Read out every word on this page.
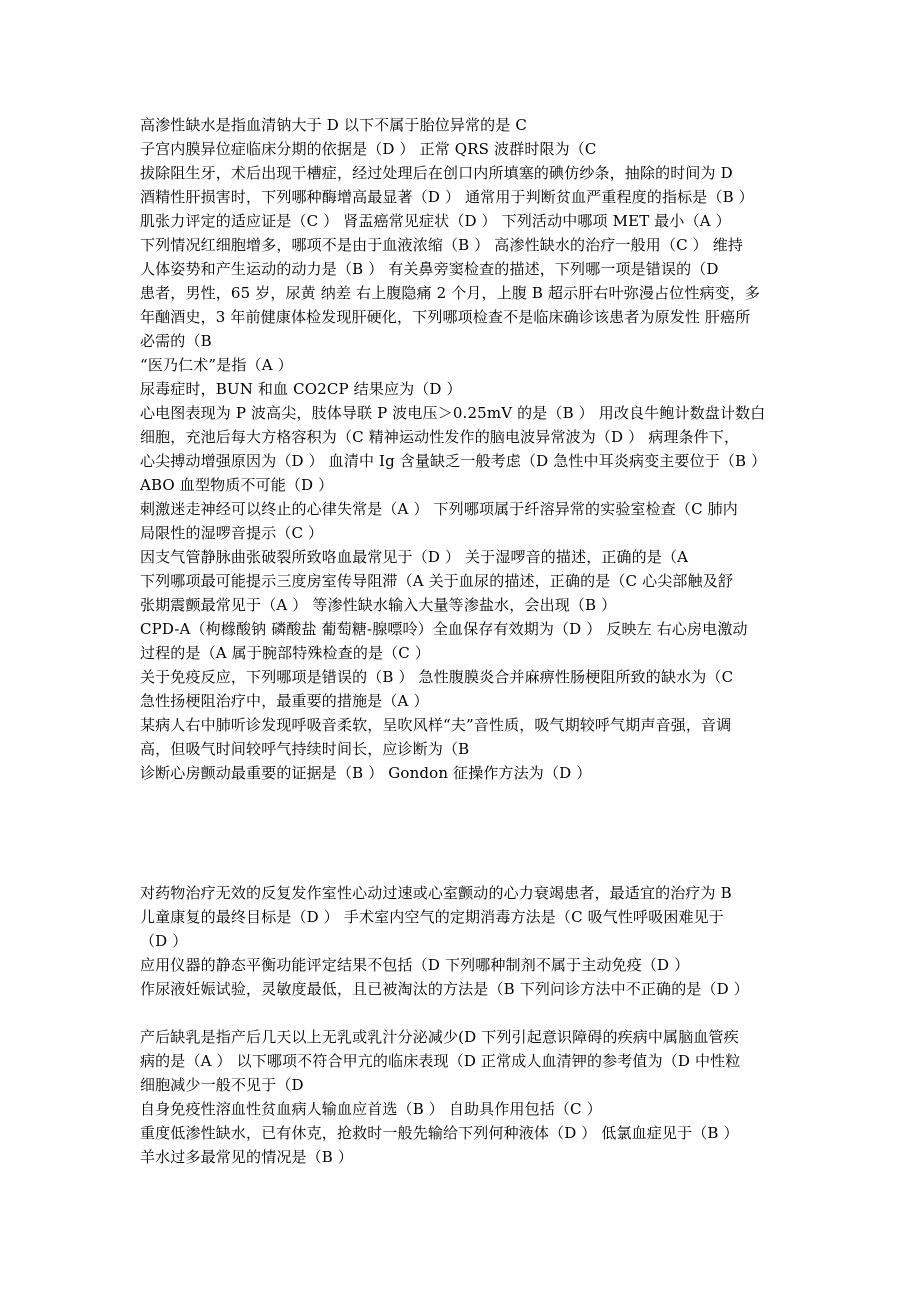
高渗性缺水是指血清钠大于 D 以下不属于胎位异常的是 C
子宫内膜异位症临床分期的依据是（D ） 正常 QRS 波群时限为（C
拔除阻生牙，术后出现干槽症，经过处理后在创口内所填塞的碘仿纱条，抽除的时间为 D
酒精性肝损害时，下列哪种酶增高最显著（D ） 通常用于判断贫血严重程度的指标是（B ）
肌张力评定的适应证是（C ） 肾盂癌常见症状（D ） 下列活动中哪项 MET 最小（A ）
下列情况红细胞增多，哪项不是由于血液浓缩（B ） 高渗性缺水的治疗一般用（C ） 维持
人体姿势和产生运动的动力是（B ） 有关鼻旁窦检查的描述，下列哪一项是错误的（D
患者，男性，65 岁，尿黄 纳差 右上腹隐痛 2 个月，上腹 B 超示肝右叶弥漫占位性病变，多
年酗酒史，3 年前健康体检发现肝硬化，下列哪项检查不是临床确诊该患者为原发性 肝癌所
必需的（B
“医乃仁术”是指（A ）
尿毒症时，BUN 和血 CO2CP 结果应为（D ）
心电图表现为 P 波高尖，肢体导联 P 波电压＞0.25mV 的是（B ） 用改良牛鲍计数盘计数白
细胞，充池后每大方格容积为（C 精神运动性发作的脑电波异常波为（D ） 病理条件下，
心尖搏动增强原因为（D ） 血清中 Ig 含量缺乏一般考虑（D 急性中耳炎病变主要位于（B ）
ABO 血型物质不可能（D ）
刺激迷走神经可以终止的心律失常是（A ） 下列哪项属于纤溶异常的实验室检查（C 肺内
局限性的湿啰音提示（C ）
因支气管静脉曲张破裂所致咯血最常见于（D ） 关于湿啰音的描述，正确的是（A
下列哪项最可能提示三度房室传导阻滞（A 关于血尿的描述，正确的是（C 心尖部触及舒
张期震颤最常见于（A ） 等渗性缺水输入大量等渗盐水，会出现（B ）
CPD-A（枸橼酸钠 磷酸盐 葡萄糖-腺嘌呤）全血保存有效期为（D ） 反映左 右心房电激动
过程的是（A 属于腕部特殊检查的是（C ）
关于免疫反应，下列哪项是错误的（B ） 急性腹膜炎合并麻痹性肠梗阻所致的缺水为（C
急性扬梗阻治疗中，最重要的措施是（A ）
某病人右中肺听诊发现呼吸音柔软，呈吹风样“夫”音性质，吸气期较呼气期声音强，音调
高，但吸气时间较呼气持续时间长，应诊断为（B
诊断心房颤动最重要的证据是（B ） Gondon 征操作方法为（D ）
对药物治疗无效的反复发作室性心动过速或心室颤动的心力衰竭患者，最适宜的治疗为 B
儿童康复的最终目标是（D ） 手术室内空气的定期消毒方法是（C 吸气性呼吸困难见于
（D ）
应用仪器的静态平衡功能评定结果不包括（D 下列哪种制剂不属于主动免疫（D ）
作尿液妊娠试验，灵敏度最低，且已被淘汰的方法是（B 下列问诊方法中不正确的是（D ）
产后缺乳是指产后几天以上无乳或乳汁分泌减少(D 下列引起意识障碍的疾病中属脑血管疾
病的是（A ） 以下哪项不符合甲亢的临床表现（D 正常成人血清钾的参考值为（D 中性粒
细胞减少一般不见于（D
自身免疫性溶血性贫血病人输血应首选（B ） 自助具作用包括（C ）
重度低渗性缺水，已有休克，抢救时一般先输给下列何种液体（D ） 低氯血症见于（B ）
羊水过多最常见的情况是（B ）
